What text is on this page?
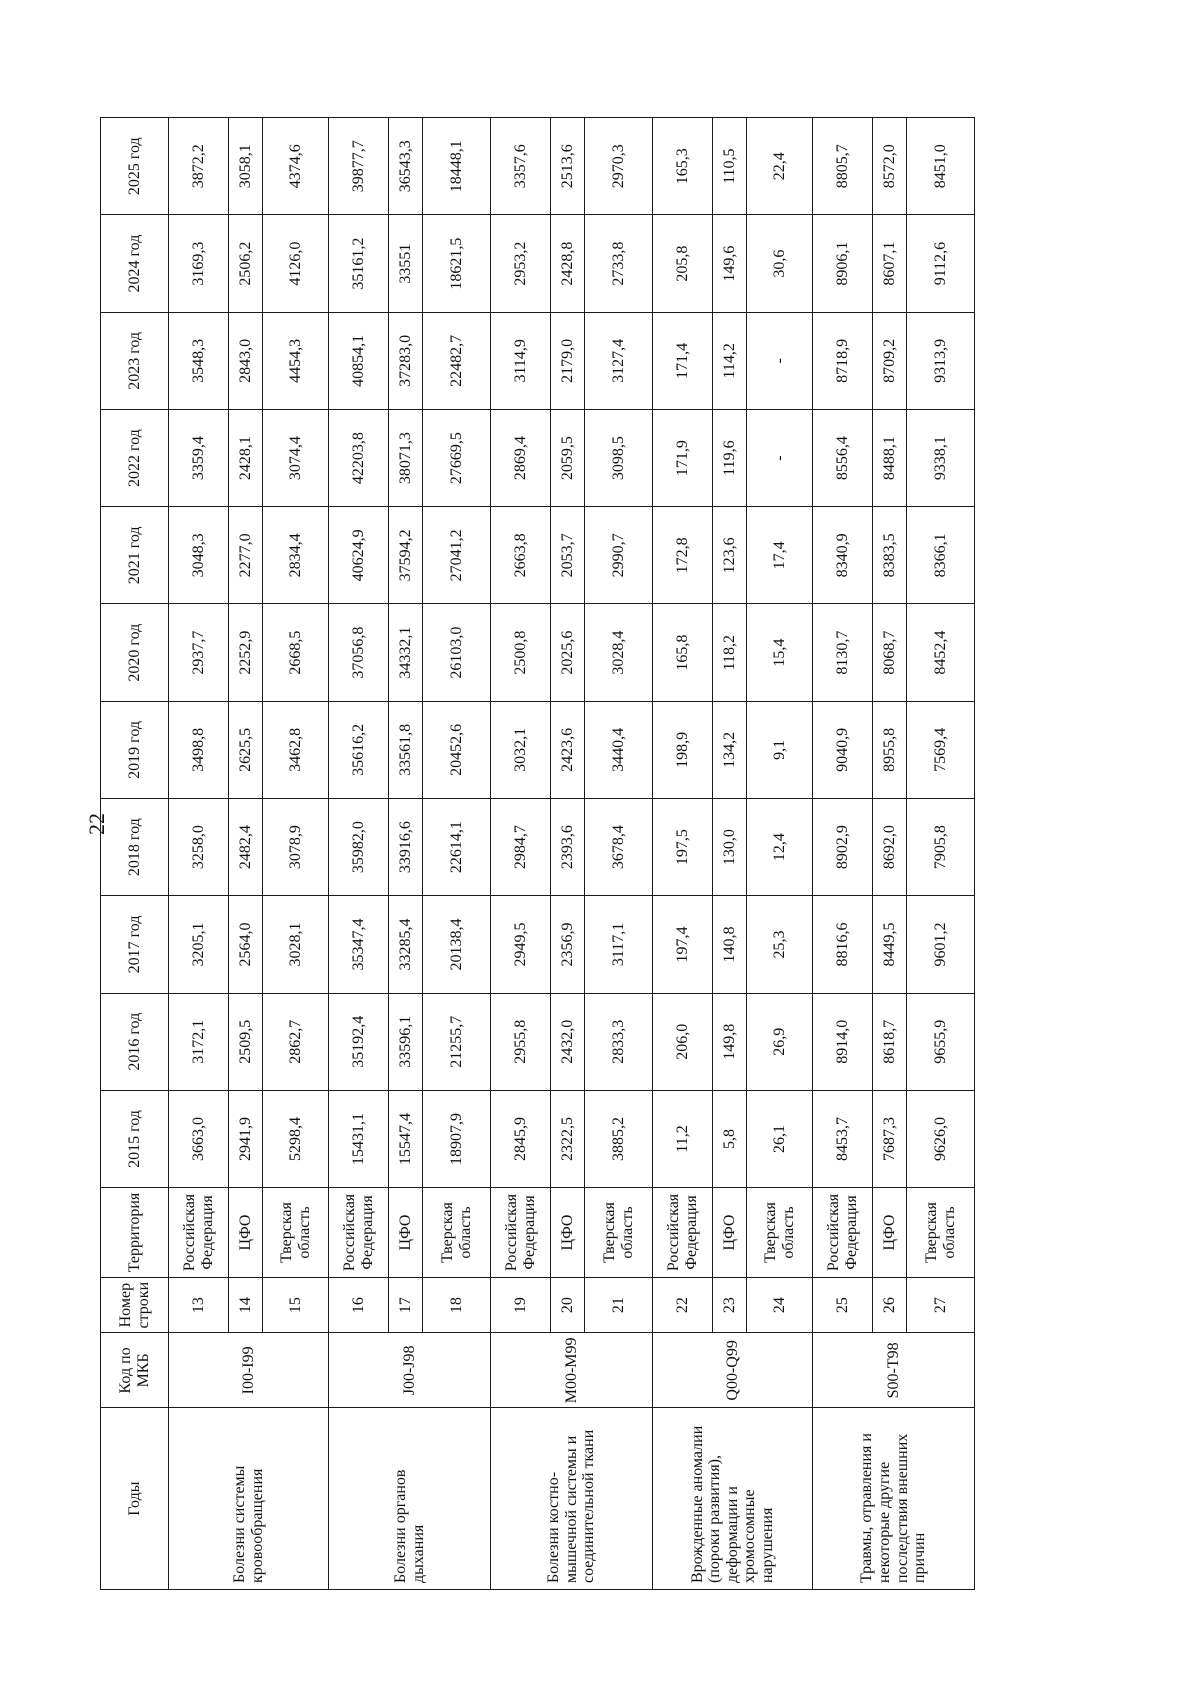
22
Годы	Код по МКБ	Номер строки	Территория	2015 год	2016 год	2017 год	2018 год	2019 год	2020 год	2021 год	2022 год	2023 год	2024 год	2025 год
Болезни системы кровообращения	I00-I99	13	Российская Федерация	3663,0	3172,1	3205,1	3258,0	3498,8	2937,7	3048,3	3359,4	3548,3	3169,3	3872,2
		14	ЦФО	2941,9	2509,5	2564,0	2482,4	2625,5	2252,9	2277,0	2428,1	2843,0	2506,2	3058,1
		15	Тверская область	5298,4	2862,7	3028,1	3078,9	3462,8	2668,5	2834,4	3074,4	4454,3	4126,0	4374,6
Болезни органов дыхания	J00-J98	16	Российская Федерация	15431,1	35192,4	35347,4	35982,0	35616,2	37056,8	40624,9	42203,8	40854,1	35161,2	39877,7
		17	ЦФО	15547,4	33596,1	33285,4	33916,6	33561,8	34332,1	37594,2	38071,3	37283,0	33551	36543,3
		18	Тверская область	18907,9	21255,7	20138,4	22614,1	20452,6	26103,0	27041,2	27669,5	22482,7	18621,5	18448,1
Болезни костно-мышечной системы и соединительной ткани	M00-M99	19	Российская Федерация	2845,9	2955,8	2949,5	2984,7	3032,1	2500,8	2663,8	2869,4	3114,9	2953,2	3357,6
		20	ЦФО	2322,5	2432,0	2356,9	2393,6	2423,6	2025,6	2053,7	2059,5	2179,0	2428,8	2513,6
		21	Тверская область	3885,2	2833,3	3117,1	3678,4	3440,4	3028,4	2990,7	3098,5	3127,4	2733,8	2970,3
Врожденные аномалии (пороки развития), деформации и хромосомные нарушения	Q00-Q99	22	Российская Федерация	11,2	206,0	197,4	197,5	198,9	165,8	172,8	171,9	171,4	205,8	165,3
		23	ЦФО	5,8	149,8	140,8	130,0	134,2	118,2	123,6	119,6	114,2	149,6	110,5
		24	Тверская область	26,1	26,9	25,3	12,4	9,1	15,4	17,4	-	-	30,6	22,4
Травмы, отравления и некоторые другие последствия внешних причин	S00-T98	25	Российская Федерация	8453,7	8914,0	8816,6	8902,9	9040,9	8130,7	8340,9	8556,4	8718,9	8906,1	8805,7
		26	ЦФО	7687,3	8618,7	8449,5	8692,0	8955,8	8068,7	8383,5	8488,1	8709,2	8607,1	8572,0
		27	Тверская область	9626,0	9655,9	9601,2	7905,8	7569,4	8452,4	8366,1	9338,1	9313,9	9112,6	8451,0
